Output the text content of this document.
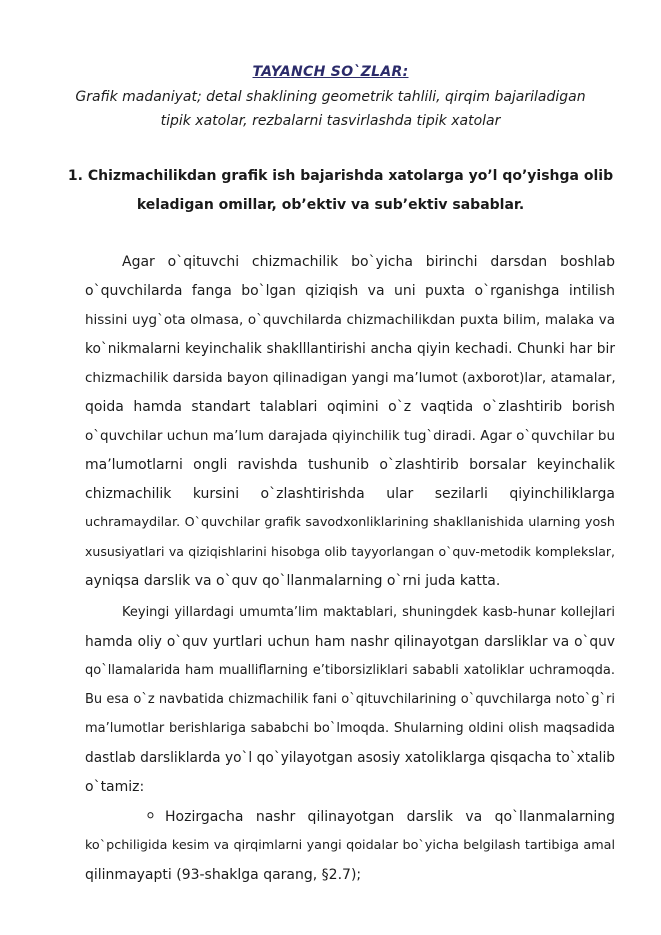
TAYANCH SO`ZLAR:
Grafik madaniyat; detal shaklining geometrik tahlili, qirqim bajariladigan
tipik xatolar, rezbalarni tasvirlashda tipik xatolar
1. Chizmachilikdan grafik ish bajarishda xatolarga yo’l qo’yishga olib
keladigan omillar, ob’ektiv va sub’ektiv sabablar.
Agar o`qituvchi chizmachilik bo`yicha birinchi darsdan boshlab
o`quvchilarda fanga bo`lgan qiziqish va uni puxta o`rganishga intilish
hissini uyg`ota olmasa, o`quvchilarda chizmachilikdan puxta bilim, malaka va
ko`nikmalarni keyinchalik shaklllantirishi ancha qiyin kechadi. Chunki har bir
chizmachilik darsida bayon qilinadigan yangi ma’lumot (axborot)lar, atamalar,
qoida hamda standart talablari oqimini o`z vaqtida o`zlashtirib borish
o`quvchilar uchun ma’lum darajada qiyinchilik tug`diradi. Agar o`quvchilar bu
ma’lumotlarni ongli ravishda tushunib o`zlashtirib borsalar keyinchalik
chizmachilik kursini o`zlashtirishda ular sezilarli qiyinchiliklarga
uchramaydilar. O`quvchilar grafik savodxonliklarining shakllanishida ularning yosh
xususiyatlari va qiziqishlarini hisobga olib tayyorlangan o`quv-metodik komplekslar,
ayniqsa darslik va o`quv qo`llanmalarning o`rni juda katta.
Keyingi yillardagi umumta’lim maktablari, shuningdek kasb-hunar kollejlari
hamda oliy o`quv yurtlari uchun ham nashr qilinayotgan darsliklar va o`quv
qo`llamalarida ham mualliflarning e’tiborsizliklari sababli xatoliklar uchramoqda.
Bu esa o`z navbatida chizmachilik fani o`qituvchilarining o`quvchilarga noto`g`ri
ma’lumotlar berishlariga sababchi bo`lmoqda. Shularning oldini olish maqsadida
dastlab darsliklarda yo`l qo`yilayotgan asosiy xatoliklarga qisqacha to`xtalib
o`tamiz:
⚪ Hozirgacha nashr qilinayotgan darslik va qo`llanmalarning
ko`pchiligida kesim va qirqimlarni yangi qoidalar bo`yicha belgilash tartibiga amal
qilinmayapti (93-shaklga qarang, §2.7);
